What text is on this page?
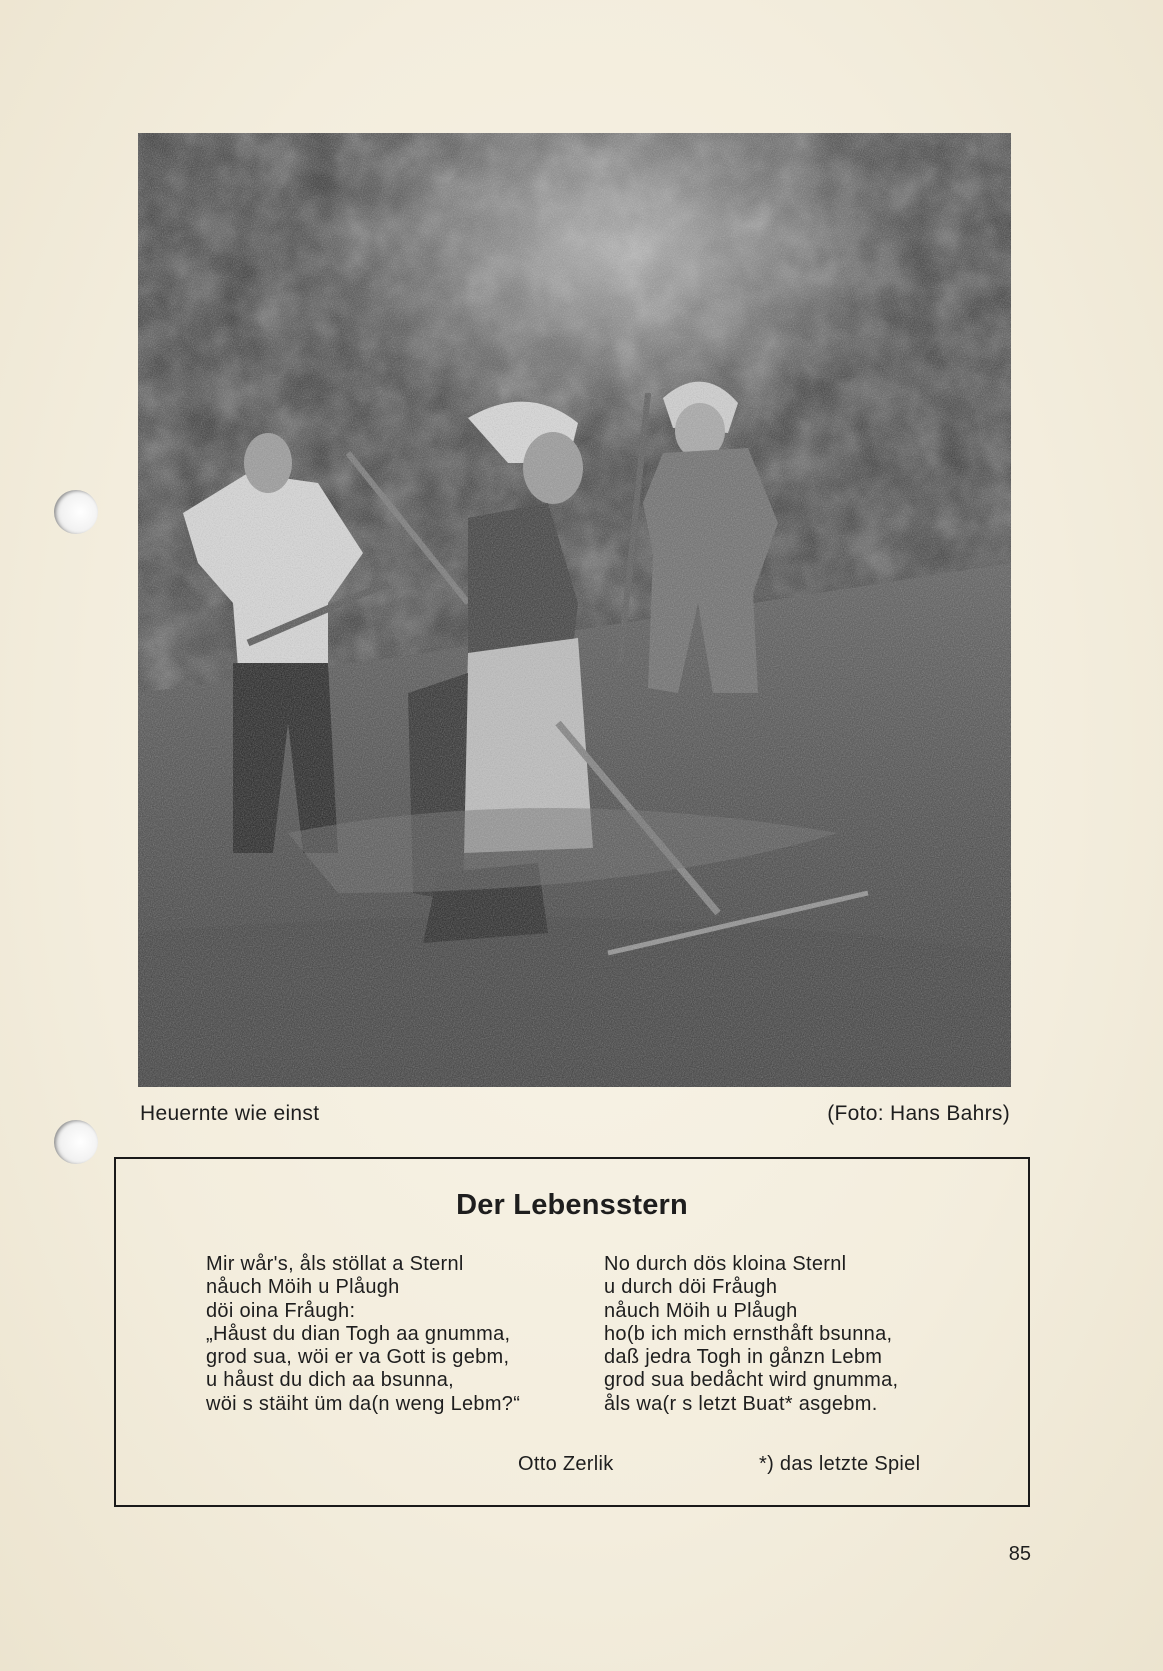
Heuernte wie einst	(Foto: Hans Bahrs)
Der Lebensstern
Mir wår's, åls stöllat a Sternl
nåuch Möih u Plåugh
döi oina Fråugh:
„Håust du dian Togh aa gnumma,
grod sua, wöi er va Gott is gebm,
u håust du dich aa bsunna,
wöi s stäiht üm da(n weng Lebm?“
No durch dös kloina Sternl
u durch döi Fråugh
nåuch Möih u Plåugh
ho(b ich mich ernsthåft bsunna,
daß jedra Togh in gånzn Lebm
grod sua bedåcht wird gnumma,
åls wa(r s letzt Buat* asgebm.
Otto Zerlik	*) das letzte Spiel
85
